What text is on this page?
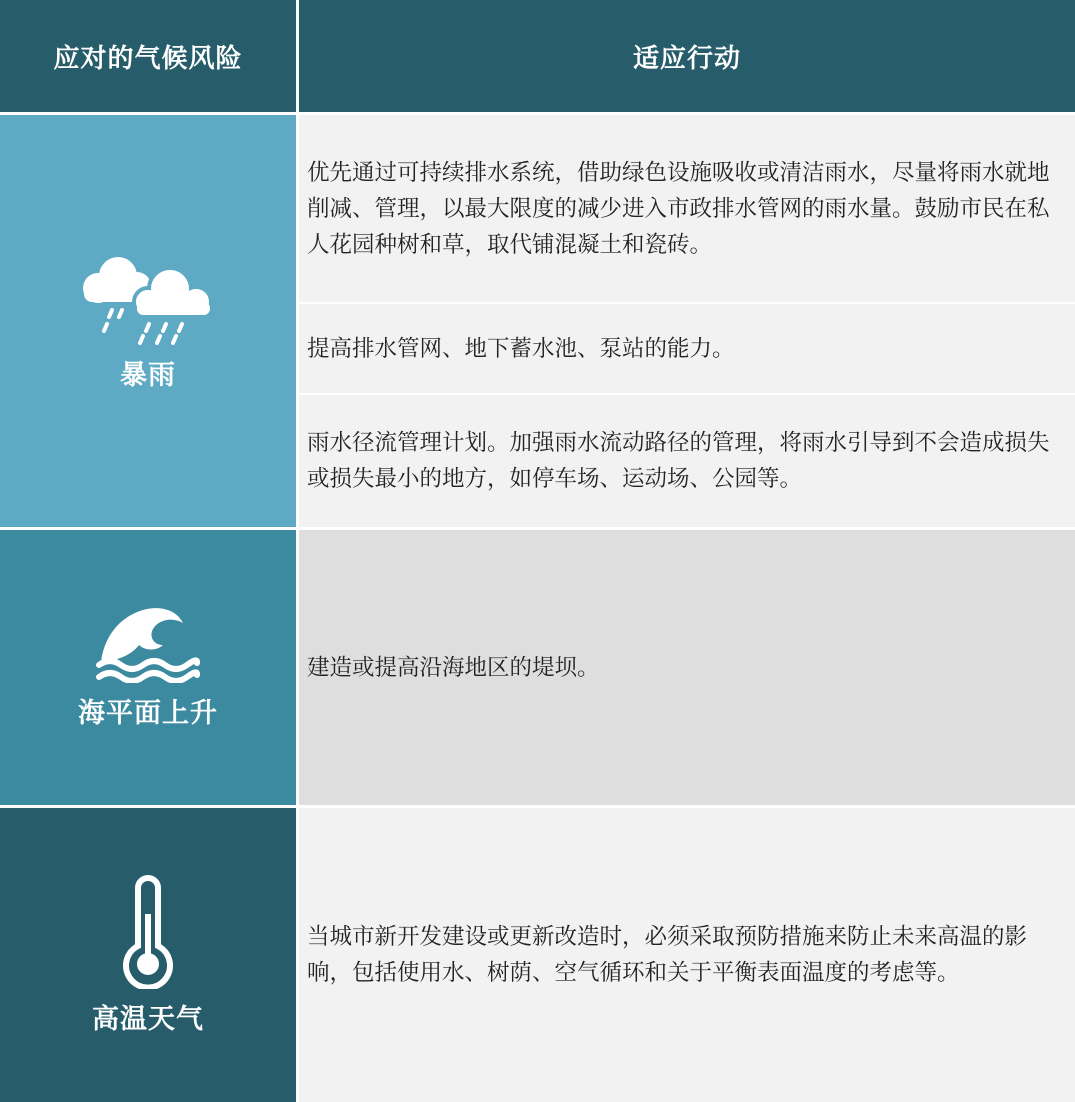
应对的气候风险	适应行动
暴雨
优先通过可持续排水系统，借助绿色设施吸收或清洁雨水，尽量将雨水就地削减、管理，以最大限度的减少进入市政排水管网的雨水量。鼓励市民在私人花园种树和草，取代铺混凝土和瓷砖。
提高排水管网、地下蓄水池、泵站的能力。
雨水径流管理计划。加强雨水流动路径的管理，将雨水引导到不会造成损失或损失最小的地方，如停车场、运动场、公园等。
海平面上升
建造或提高沿海地区的堤坝。
高温天气
当城市新开发建设或更新改造时，必须采取预防措施来防止未来高温的影响，包括使用水、树荫、空气循环和关于平衡表面温度的考虑等。
